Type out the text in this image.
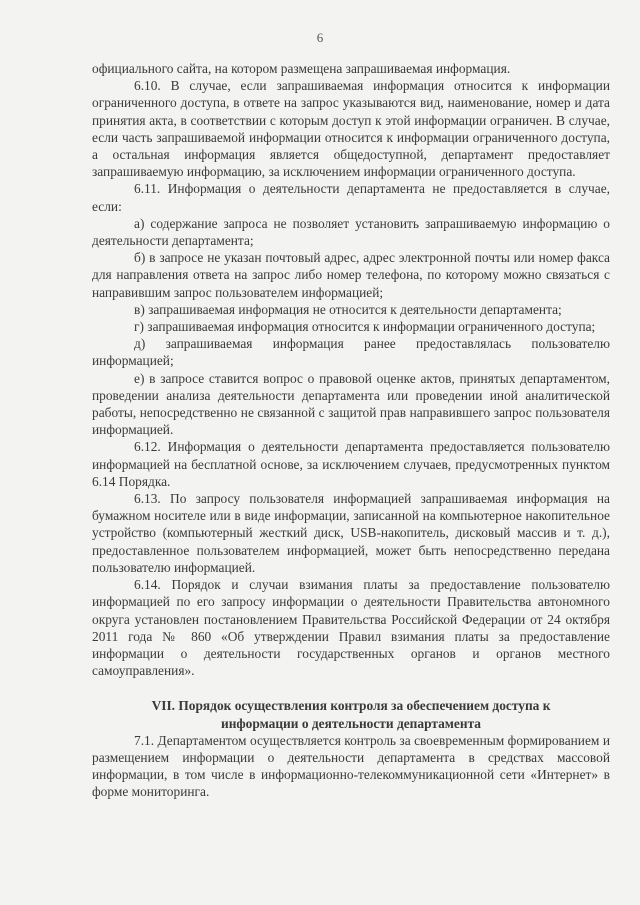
6

официального сайта, на котором размещена запрашиваемая информация.

6.10. В случае, если запрашиваемая информация относится к информации ограниченного доступа, в ответе на запрос указываются вид, наименование, номер и дата принятия акта, в соответствии с которым доступ к этой информации ограничен. В случае, если часть запрашиваемой информации относится к информации ограниченного доступа, а остальная информация является общедоступной, департамент предоставляет запрашиваемую информацию, за исключением информации ограниченного доступа.

6.11. Информация о деятельности департамента не предоставляется в случае, если:

а) содержание запроса не позволяет установить запрашиваемую информацию о деятельности департамента;

б) в запросе не указан почтовый адрес, адрес электронной почты или номер факса для направления ответа на запрос либо номер телефона, по которому можно связаться с направившим запрос пользователем информацией;

в) запрашиваемая информация не относится к деятельности департамента;

г) запрашиваемая информация относится к информации ограниченного доступа;

д) запрашиваемая информация ранее предоставлялась пользователю информацией;

е) в запросе ставится вопрос о правовой оценке актов, принятых департаментом, проведении анализа деятельности департамента или проведении иной аналитической работы, непосредственно не связанной с защитой прав направившего запрос пользователя информацией.

6.12. Информация о деятельности департамента предоставляется пользователю информацией на бесплатной основе, за исключением случаев, предусмотренных пунктом 6.14 Порядка.

6.13. По запросу пользователя информацией запрашиваемая информация на бумажном носителе или в виде информации, записанной на компьютерное накопительное устройство (компьютерный жесткий диск, USB-накопитель, дисковый массив и т. д.), предоставленное пользователем информацией, может быть непосредственно передана пользователю информацией.

6.14. Порядок и случаи взимания платы за предоставление пользователю информацией по его запросу информации о деятельности Правительства автономного округа установлен постановлением Правительства Российской Федерации от 24 октября 2011 года № 860 «Об утверждении Правил взимания платы за предоставление информации о деятельности государственных органов и органов местного самоуправления».

VII. Порядок осуществления контроля за обеспечением доступа к
информации о деятельности департамента

7.1. Департаментом осуществляется контроль за своевременным формированием и размещением информации о деятельности департамента в средствах массовой информации, в том числе в информационно-телекоммуникационной сети «Интернет» в форме мониторинга.
